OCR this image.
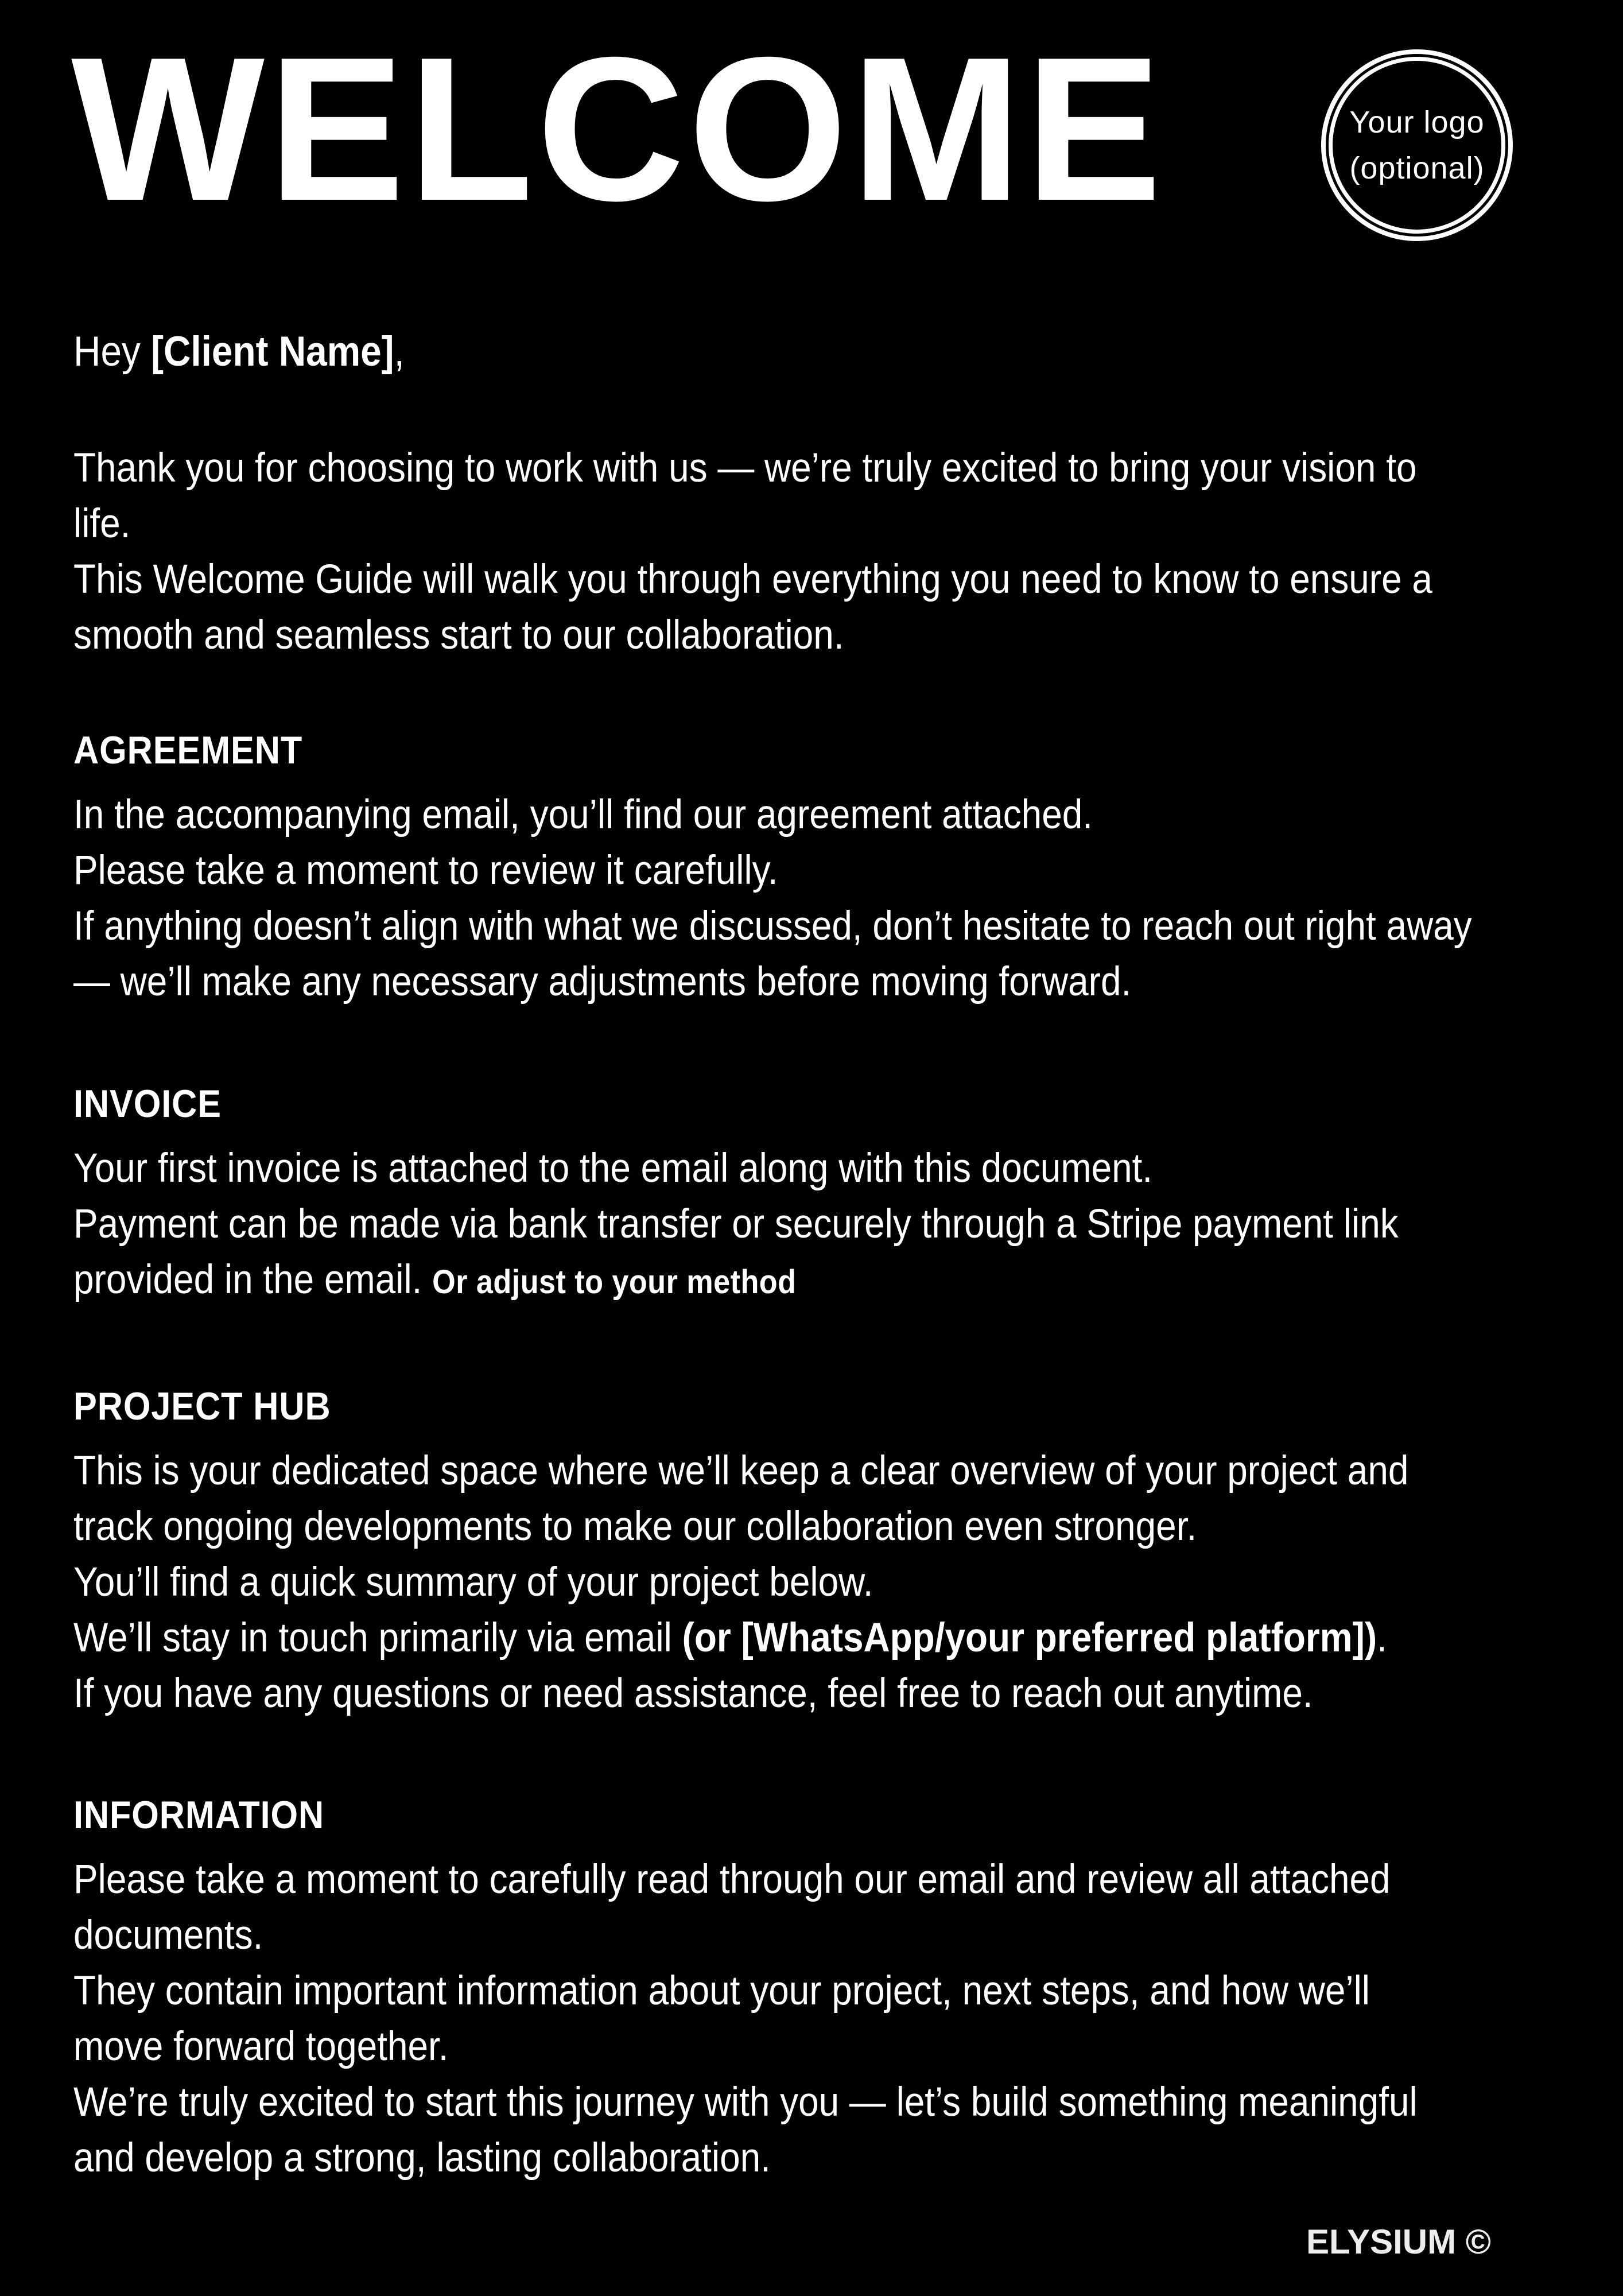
WELCOME	Your logo
(optional)
Hey [Client Name],
Thank you for choosing to work with us — we’re truly excited to bring your vision to
life.
This Welcome Guide will walk you through everything you need to know to ensure a
smooth and seamless start to our collaboration.
AGREEMENT
In the accompanying email, you’ll find our agreement attached.
Please take a moment to review it carefully.
If anything doesn’t align with what we discussed, don’t hesitate to reach out right away
— we’ll make any necessary adjustments before moving forward.
INVOICE
Your first invoice is attached to the email along with this document.
Payment can be made via bank transfer or securely through a Stripe payment link
provided in the email. Or adjust to your method
PROJECT HUB
This is your dedicated space where we’ll keep a clear overview of your project and
track ongoing developments to make our collaboration even stronger.
You’ll find a quick summary of your project below.
We’ll stay in touch primarily via email (or [WhatsApp/your preferred platform]).
If you have any questions or need assistance, feel free to reach out anytime.
INFORMATION
Please take a moment to carefully read through our email and review all attached
documents.
They contain important information about your project, next steps, and how we’ll
move forward together.
We’re truly excited to start this journey with you — let’s build something meaningful
and develop a strong, lasting collaboration.
ELYSIUM ©
